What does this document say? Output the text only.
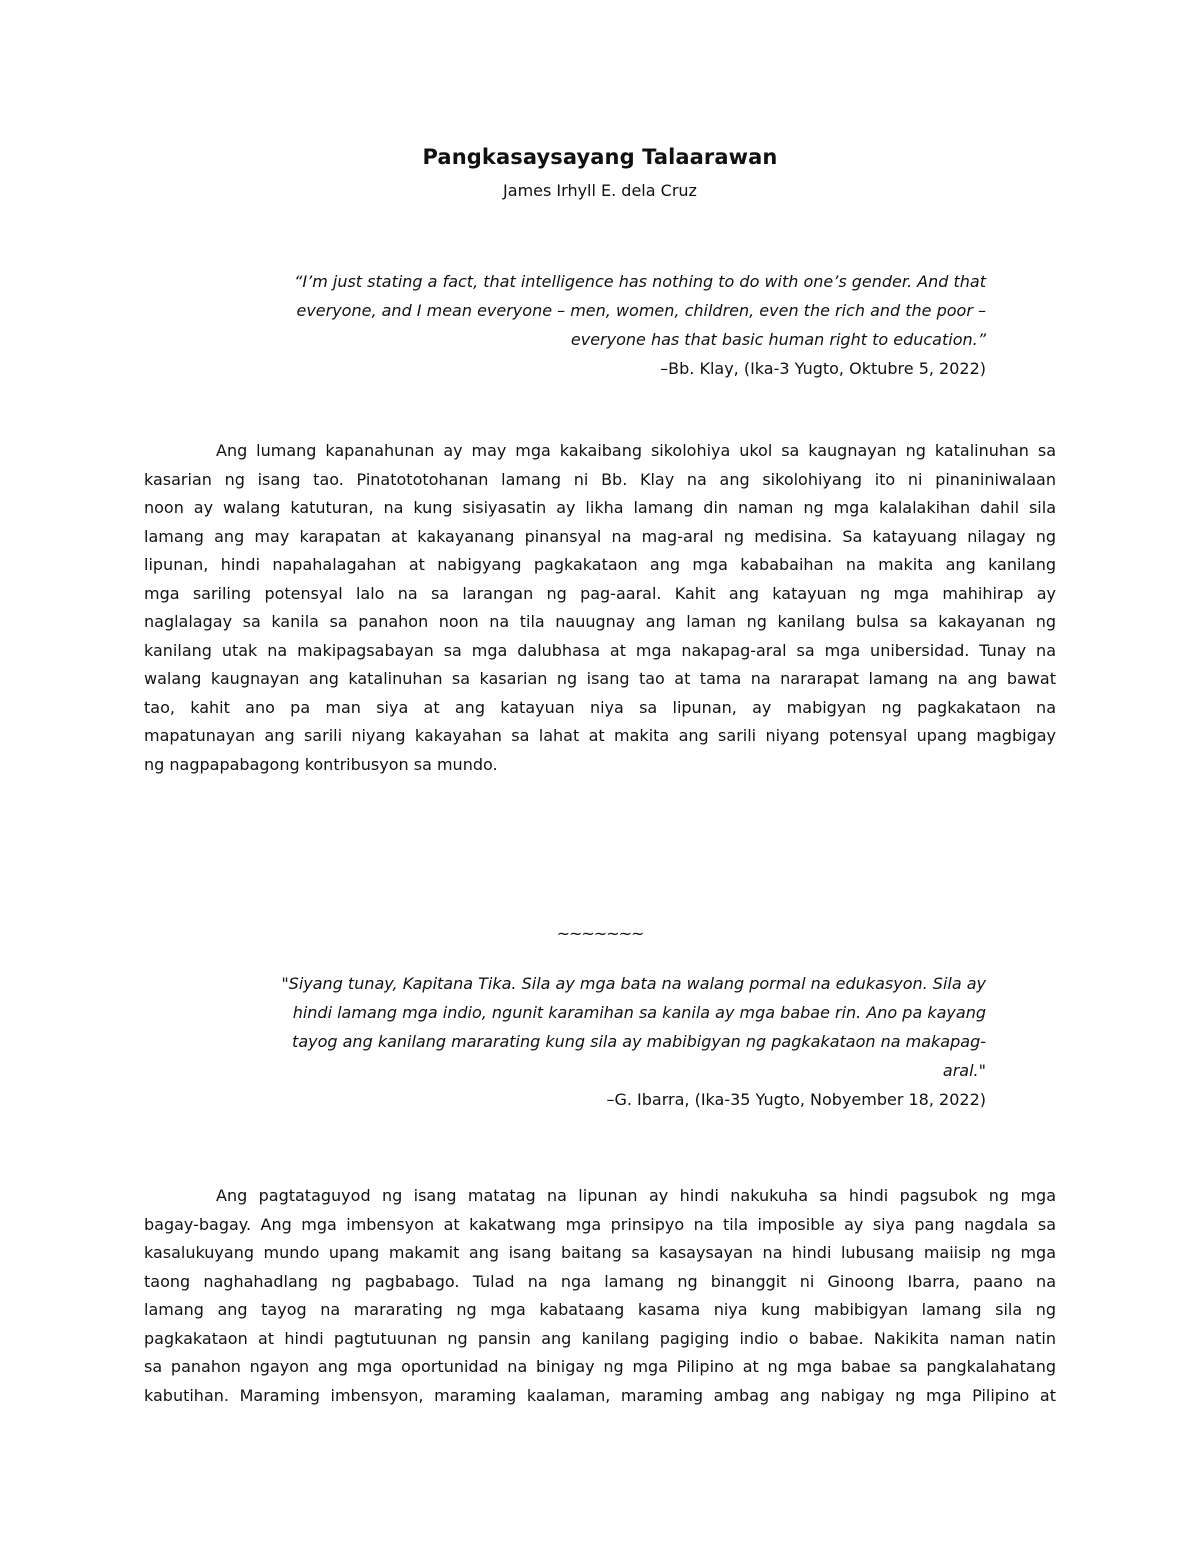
Pangkasaysayang Talaarawan
James Irhyll E. dela Cruz
“I’m just stating a fact, that intelligence has nothing to do with one’s gender. And that
everyone, and I mean everyone – men, women, children, even the rich and the poor –
everyone has that basic human right to education.”
–Bb. Klay, (Ika-3 Yugto, Oktubre 5, 2022)
Ang lumang kapanahunan ay may mga kakaibang sikolohiya ukol sa kaugnayan ng katalinuhan sa
kasarian ng isang tao. Pinatototohanan lamang ni Bb. Klay na ang sikolohiyang ito ni pinaniniwalaan
noon ay walang katuturan, na kung sisiyasatin ay likha lamang din naman ng mga kalalakihan dahil sila
lamang ang may karapatan at kakayanang pinansyal na mag-aral ng medisina. Sa katayuang nilagay ng
lipunan, hindi napahalagahan at nabigyang pagkakataon ang mga kababaihan na makita ang kanilang
mga sariling potensyal lalo na sa larangan ng pag-aaral. Kahit ang katayuan ng mga mahihirap ay
naglalagay sa kanila sa panahon noon na tila nauugnay ang laman ng kanilang bulsa sa kakayanan ng
kanilang utak na makipagsabayan sa mga dalubhasa at mga nakapag-aral sa mga unibersidad. Tunay na
walang kaugnayan ang katalinuhan sa kasarian ng isang tao at tama na nararapat lamang na ang bawat
tao, kahit ano pa man siya at ang katayuan niya sa lipunan, ay mabigyan ng pagkakataon na
mapatunayan ang sarili niyang kakayahan sa lahat at makita ang sarili niyang potensyal upang magbigay
ng nagpapabagong kontribusyon sa mundo.
~~~~~~~
"Siyang tunay, Kapitana Tika. Sila ay mga bata na walang pormal na edukasyon. Sila ay
hindi lamang mga indio, ngunit karamihan sa kanila ay mga babae rin. Ano pa kayang
tayog ang kanilang mararating kung sila ay mabibigyan ng pagkakataon na makapag-
aral."
–G. Ibarra, (Ika-35 Yugto, Nobyember 18, 2022)
Ang pagtataguyod ng isang matatag na lipunan ay hindi nakukuha sa hindi pagsubok ng mga
bagay-bagay. Ang mga imbensyon at kakatwang mga prinsipyo na tila imposible ay siya pang nagdala sa
kasalukuyang mundo upang makamit ang isang baitang sa kasaysayan na hindi lubusang maiisip ng mga
taong naghahadlang ng pagbabago. Tulad na nga lamang ng binanggit ni Ginoong Ibarra, paano na
lamang ang tayog na mararating ng mga kabataang kasama niya kung mabibigyan lamang sila ng
pagkakataon at hindi pagtutuunan ng pansin ang kanilang pagiging indio o babae. Nakikita naman natin
sa panahon ngayon ang mga oportunidad na binigay ng mga Pilipino at ng mga babae sa pangkalahatang
kabutihan. Maraming imbensyon, maraming kaalaman, maraming ambag ang nabigay ng mga Pilipino at
